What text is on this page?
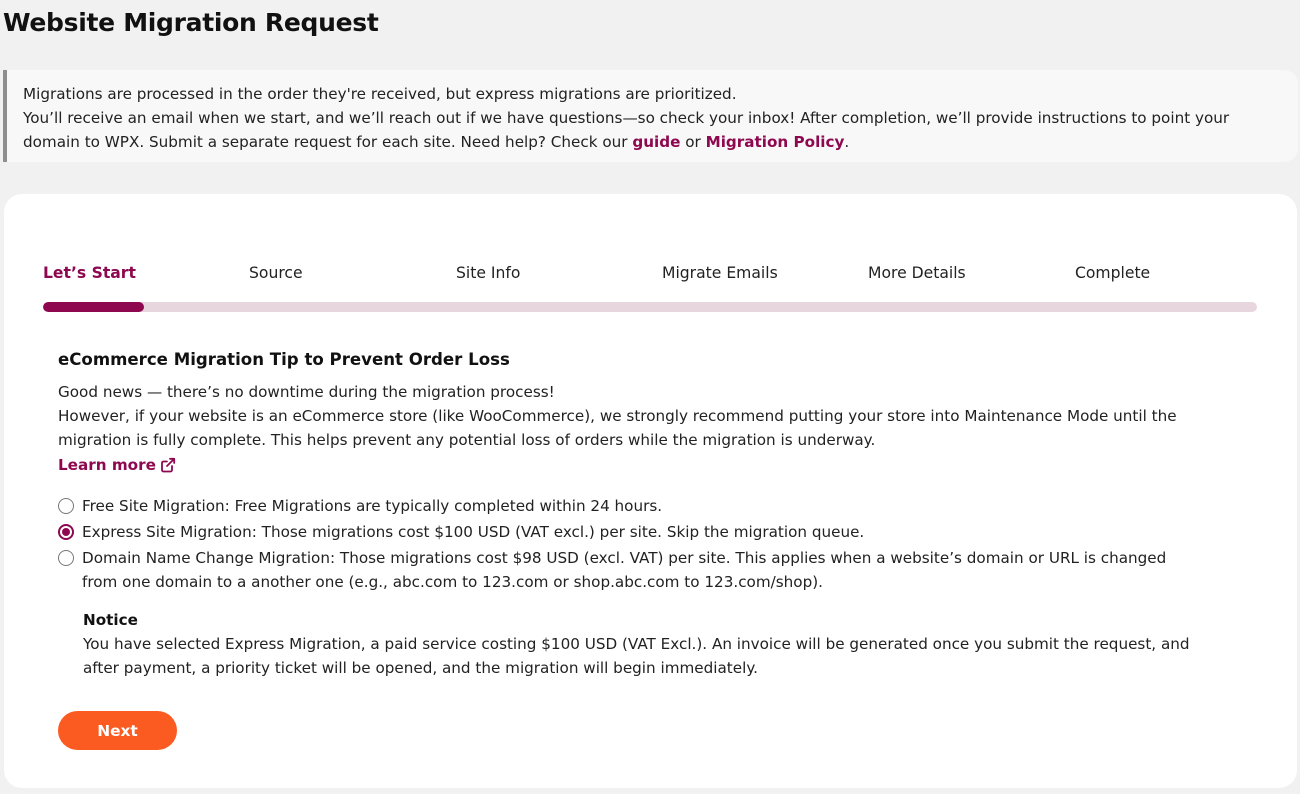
Website Migration Request
Migrations are processed in the order they're received, but express migrations are prioritized.
You’ll receive an email when we start, and we’ll reach out if we have questions—so check your inbox! After completion, we’ll provide instructions to point your
domain to WPX. Submit a separate request for each site. Need help? Check our guide or Migration Policy.
Let’s Start	Source	Site Info	Migrate Emails	More Details	Complete
eCommerce Migration Tip to Prevent Order Loss
Good news — there’s no downtime during the migration process!
However, if your website is an eCommerce store (like WooCommerce), we strongly recommend putting your store into Maintenance Mode until the
migration is fully complete. This helps prevent any potential loss of orders while the migration is underway.
Learn more
Free Site Migration: Free Migrations are typically completed within 24 hours.
Express Site Migration: Those migrations cost $100 USD (VAT excl.) per site. Skip the migration queue.
Domain Name Change Migration: Those migrations cost $98 USD (excl. VAT) per site. This applies when a website’s domain or URL is changed
from one domain to a another one (e.g., abc.com to 123.com or shop.abc.com to 123.com/shop).
Notice
You have selected Express Migration, a paid service costing $100 USD (VAT Excl.). An invoice will be generated once you submit the request, and
after payment, a priority ticket will be opened, and the migration will begin immediately.
Next
